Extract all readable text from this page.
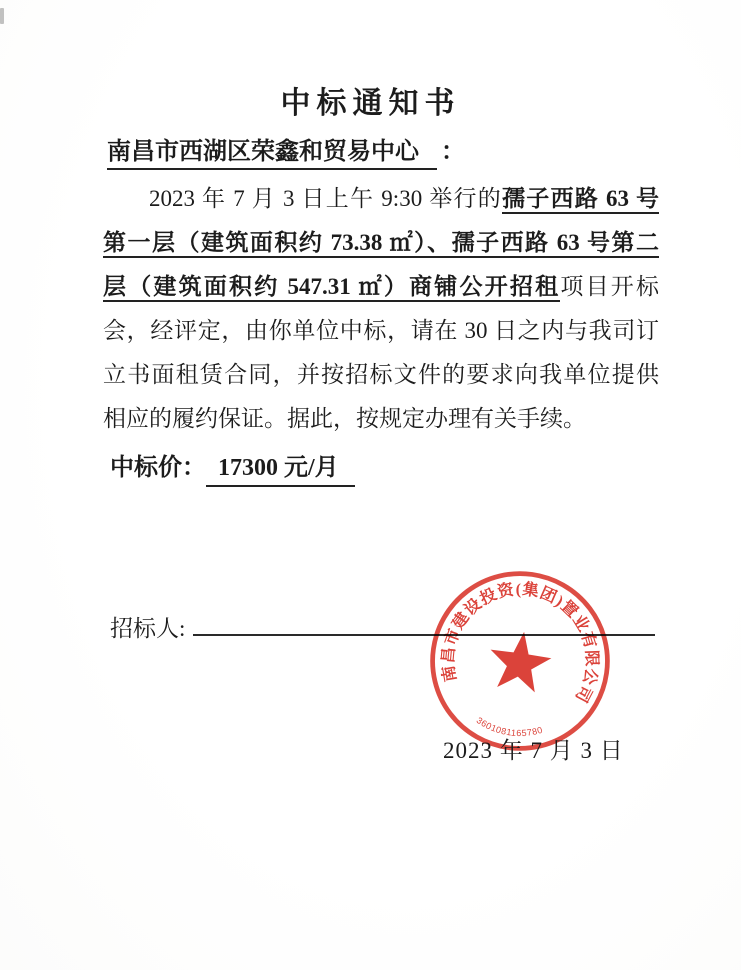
中标通知书
南昌市西湖区荣鑫和贸易中心 ：
2023 年 7 月 3 日上午 9:30 举行的孺子西路 63 号
第一层（建筑面积约 73.38 ㎡）、孺子西路 63 号第二
层（建筑面积约 547.31 ㎡）商铺公开招租项目开标
会，经评定，由你单位中标，请在 30 日之内与我司订
立书面租赁合同，并按招标文件的要求向我单位提供
相应的履约保证。据此，按规定办理有关手续。
中标价： 17300 元/月
招标人:
南昌市建设投资(集团)置业有限公司
3601081165780
2023 年 7 月 3 日
